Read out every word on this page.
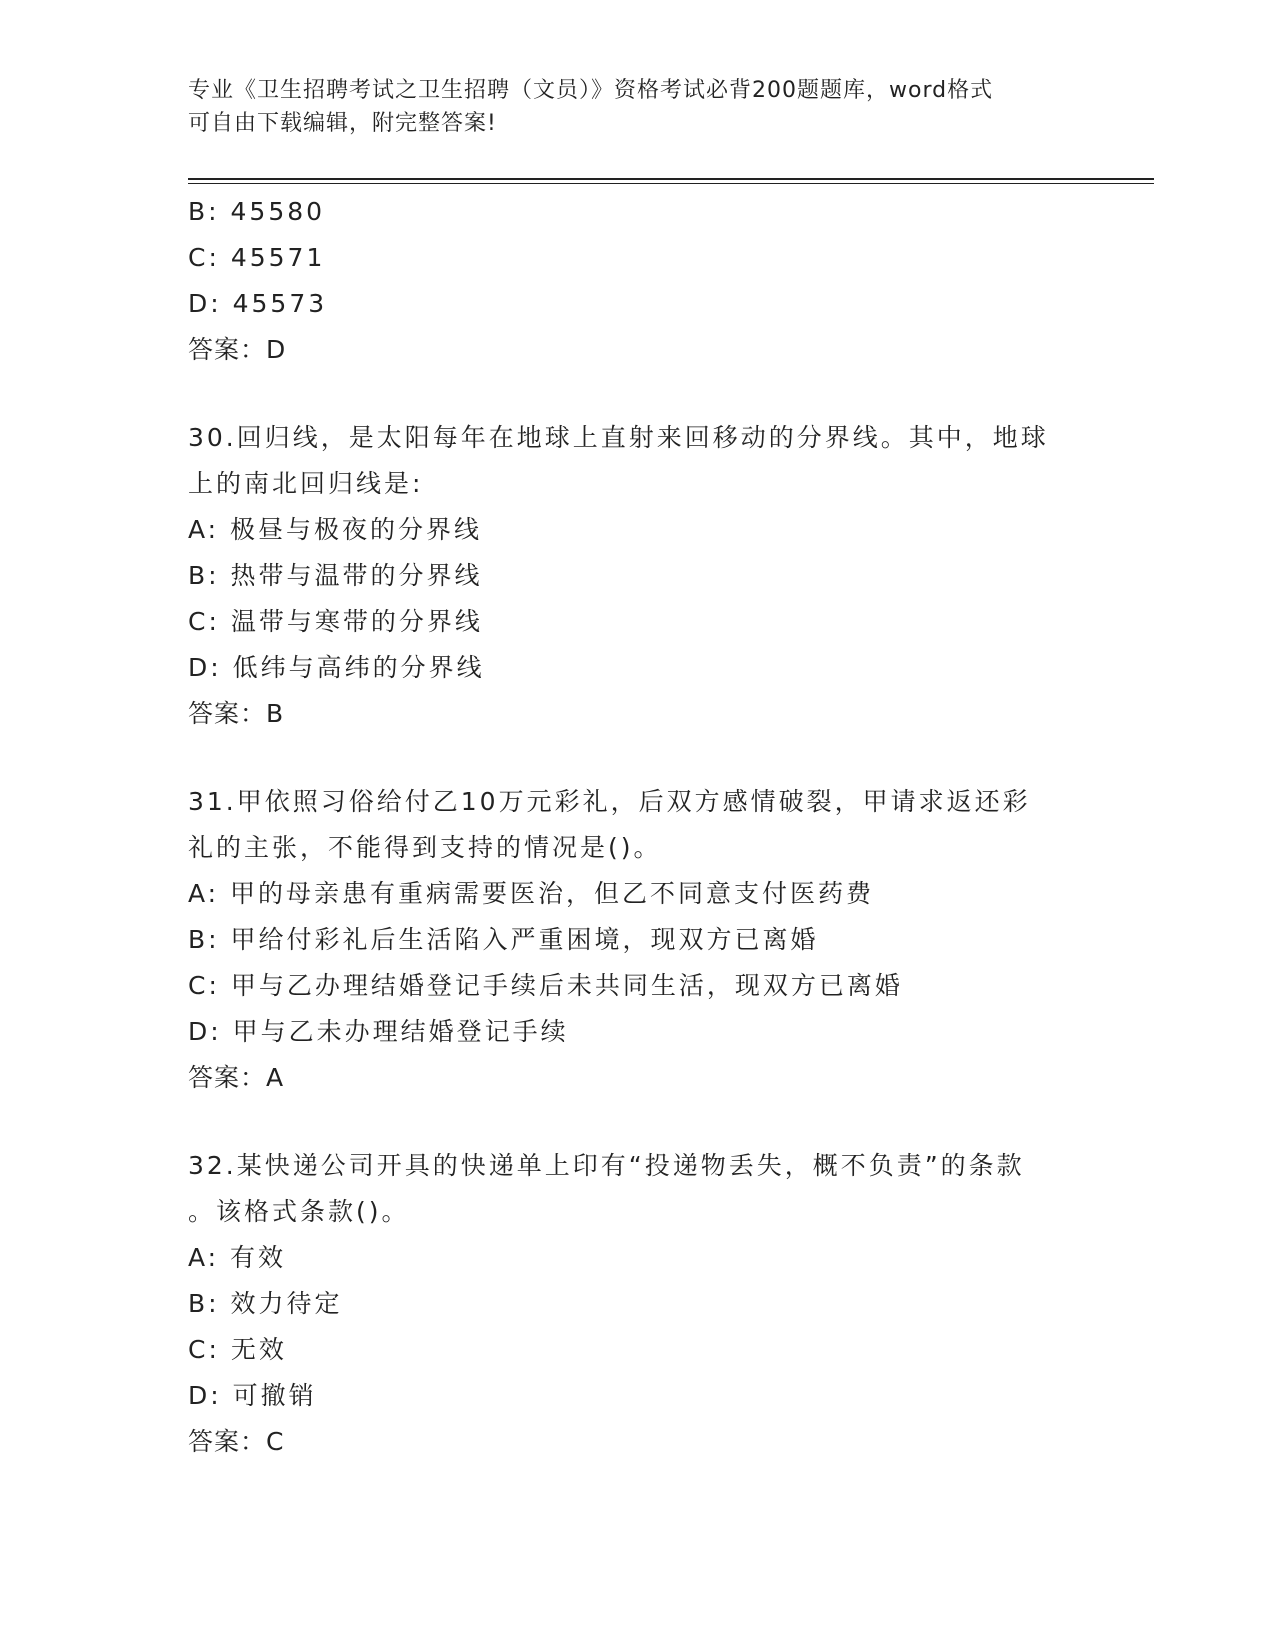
专业《卫生招聘考试之卫生招聘（文员）》资格考试必背200题题库，word格式
可自由下载编辑，附完整答案!

B: 45580

C: 45571

D: 45573

答案：D

30.回归线，是太阳每年在地球上直射来回移动的分界线。其中，地球

上的南北回归线是:

A: 极昼与极夜的分界线

B: 热带与温带的分界线

C: 温带与寒带的分界线

D: 低纬与高纬的分界线

答案：B

31.甲依照习俗给付乙10万元彩礼，后双方感情破裂，甲请求返还彩

礼的主张，不能得到支持的情况是()。

A: 甲的母亲患有重病需要医治，但乙不同意支付医药费

B: 甲给付彩礼后生活陷入严重困境，现双方已离婚

C: 甲与乙办理结婚登记手续后未共同生活，现双方已离婚

D: 甲与乙未办理结婚登记手续

答案：A

32.某快递公司开具的快递单上印有“投递物丢失，概不负责”的条款

。该格式条款()。

A: 有效

B: 效力待定

C: 无效

D: 可撤销

答案：C
